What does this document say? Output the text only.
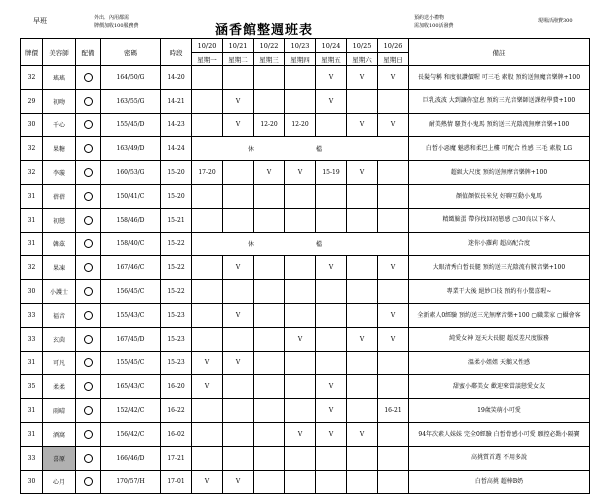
早班	外出．內用都需
牌價加收100服務費	涵香館整週班表
預約送小禮物
需加收100活潑費
現場活潑費300
牌價	美容師	配備	密碼	時段	10/20	10/21	10/22	10/23	10/24	10/25	10/26	備註
					星期一	星期二	星期三	星期四	星期五	星期六	星期日	
32	瑤瑤		164/50/G	14-20					V	V	V	長髮勻稱 和度很讚價喔 可三毛 素股 預約送無魔音樂牌+100
29	初吻		163/55/G	14-21		V			V			巨乳波波 大到讓你窒息 預約三光音樂師送課程學費+100
30	千心		155/45/D	14-23		V	12-20	12-20		V	V	耐美熱情 騷貨小鬼馬 預約送三光陰流無摩音樂+100
32	果糖		163/49/D	14-24	休 檔							白皙小惡魔 魅惑和柔巴上樓 可配合 性感 三毛 素股 LG
32	李璇		160/53/G	15-20	17-20		V	V	15-19	V		超級大尺度 預約送無摩音樂牌+100
31	蓓蓓		150/41/C	15-20								顏值顏似長米兒 好聊互動小鬼馬
31	初戀		158/46/D	15-21								精緻臉蛋 帶你找回初戀感 ▢30良以下客人
31	韓茲		158/40/C	15-22	休 檔							迷你小蘿莉 超高配合度
32	果凍		167/46/C	15-22		V			V		V	大眼清秀白皙長腿 預約送三光陰流有膜音樂+100
30	小護士		156/45/C	15-22								專業干大後 絕妙口技 預約有小驚喜喔~
33	福音		155/43/C	15-23		V					V	全新素人0經驗 預約送三光無摩音樂+100 ▢職業家 ▢攝會客
33	玄茵		167/45/D	15-23				V		V	V	純愛女神 逗天大長腿 超反差尺度服務
31	可凡		155/45/C	15-23	V	V						溫柔小姐姐 天鵝又性感
35	柔柔		165/43/C	16-20	V				V			甜蜜小鄰美女 歡迎來當談戀愛女友
31	雨晴		152/42/C	16-22					V		16-21	19歲笑萌小可愛
31	酒窩		156/42/C	16-02				V	V	V		94年次素人妹妹 完全0經驗 白皙骨感小可愛 願控必點小隔寶
33	喜原		166/46/D	17-21								高挑質首選 不用多說
30	心月		170/57/H	17-01	V	V						白皙高挑 超棒B奶
